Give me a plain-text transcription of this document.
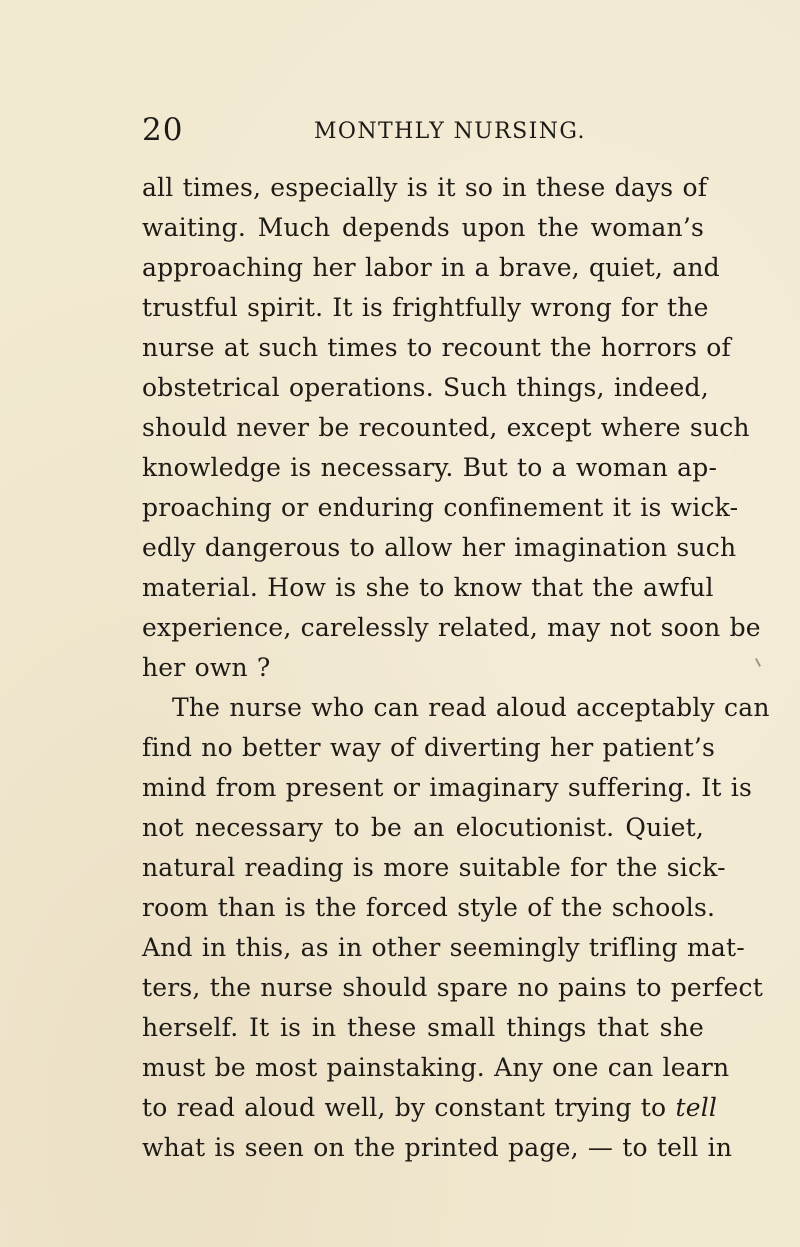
20	MONTHLY NURSING.
all times, especially is it so in these days of
waiting. Much depends upon the woman’s
approaching her labor in a brave, quiet, and
trustful spirit. It is frightfully wrong for the
nurse at such times to recount the horrors of
obstetrical operations. Such things, indeed,
should never be recounted, except where such
knowledge is necessary. But to a woman ap-
proaching or enduring confinement it is wick-
edly dangerous to allow her imagination such
material. How is she to know that the awful
experience, carelessly related, may not soon be
her own ?
The nurse who can read aloud acceptably can
find no better way of diverting her patient’s
mind from present or imaginary suffering. It is
not necessary to be an elocutionist. Quiet,
natural reading is more suitable for the sick-
room than is the forced style of the schools.
And in this, as in other seemingly trifling mat-
ters, the nurse should spare no pains to perfect
herself. It is in these small things that she
must be most painstaking. Any one can learn
to read aloud well, by constant trying to tell
what is seen on the printed page, — to tell in
